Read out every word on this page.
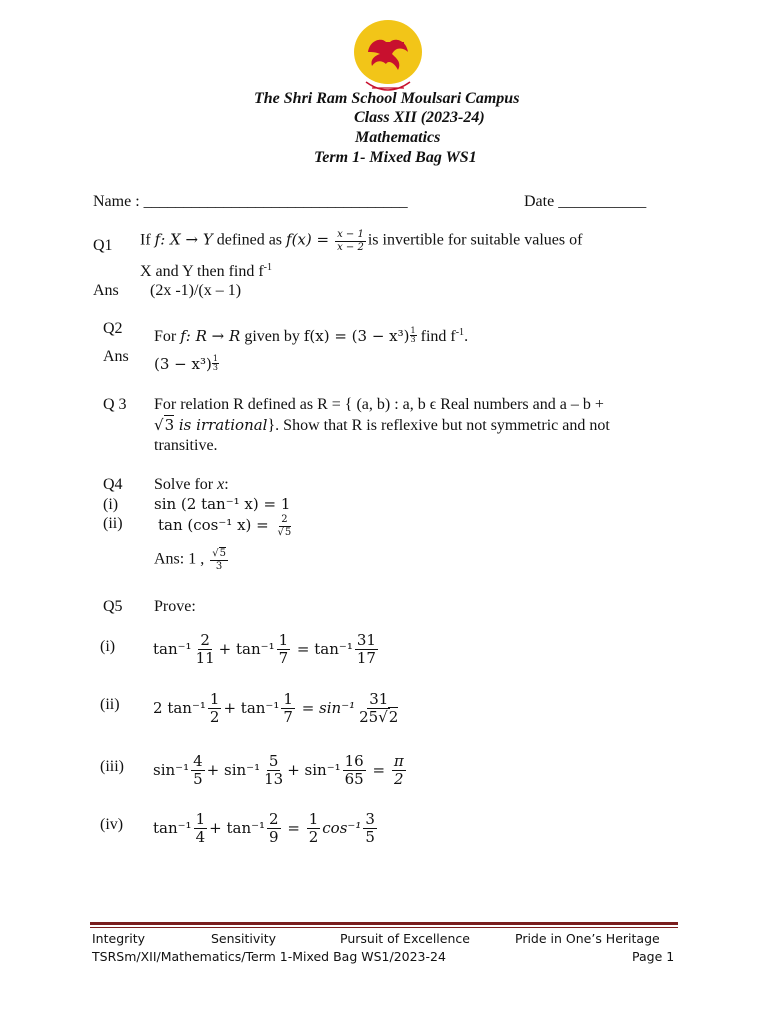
The Shri Ram School Moulsari Campus
Class XII (2023-24)
Mathematics
Term 1- Mixed Bag WS1
Name : _________________________________	Date ___________
Q1 If f: X → Y defined as $f(x) = \frac{x - 1}{x - 2}$ is invertible for suitable values of
X and Y then find $f^{-1}$
Ans (2x -1)/(x – 1)
Q2 For f: R → R given by $f(x) = (3 - x^3) \frac{1}{3}$ find $f^{-1}$.
Ans $(3 - x^3) \frac{1}{3}$
Q 3 For relation R defined as R = { (a, b) : a, b ϵ Real numbers and a – b +
√3 is irrational}. Show that R is reflexive but not symmetric and not
transitive.
Q4 Solve for x:
(i) sin (2 tan⁻¹ x) = 1
(ii) tan (cos⁻¹ $x) = \frac{2}{√5}$
Ans: 1 , $\frac{√5}{3}$
Q5 Prove:
(i)	$\tan^{-1} \frac{2}{11} + \tan^{-1} \frac{1}{7} = \tan^{-1} \frac{31}{17}$
(ii) 2 $\tan^{-1} \frac{1}{2} + \tan^{-1} \frac{1}{7} = \sin^{-1} \frac{31}{25√2}$
(iii) $\sin^{-1} \frac{4}{5} + \sin^{-1} \frac{5}{13} + \sin^{-1} \frac{16}{65} = \frac{\pi}{2}$
(iv) $\tan^{-1} \frac{1}{4} + \tan^{-1} \frac{2}{9} = \frac{1}{2} \cos^{-1} \frac{3}{5}$
Integrity	Sensitivity	Pursuit of Excellence	Pride in One’s Heritage
TSRSm/XII/Mathematics/Term 1-Mixed Bag WS1/2023-24	Page 1
